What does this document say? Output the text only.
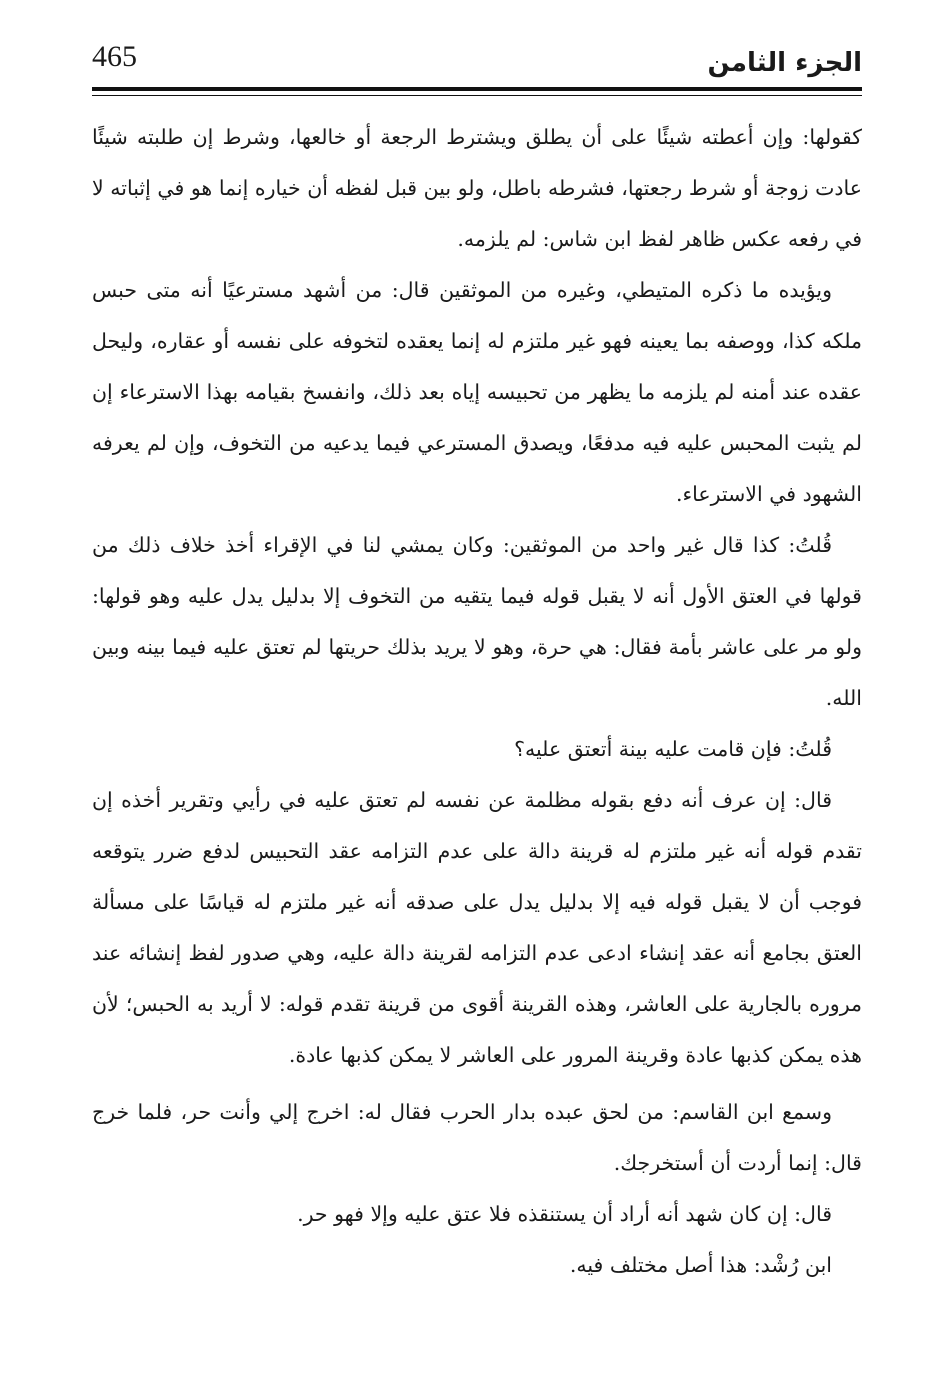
465	الجزء الثامن

كقولها: وإن أعطته شيئًا على أن يطلق ويشترط الرجعة أو خالعها، وشرط إن طلبته شيئًا عادت زوجة أو شرط رجعتها، فشرطه باطل، ولو بين قبل لفظه أن خياره إنما هو في إثباته لا في رفعه عكس ظاهر لفظ ابن شاس: لم يلزمه.

ويؤيده ما ذكره المتيطي، وغيره من الموثقين قال: من أشهد مسترعيًا أنه متى حبس ملكه كذا، ووصفه بما يعينه فهو غير ملتزم له إنما يعقده لتخوفه على نفسه أو عقاره، وليحل عقده عند أمنه لم يلزمه ما يظهر من تحبيسه إياه بعد ذلك، وانفسخ بقيامه بهذا الاسترعاء إن لم يثبت المحبس عليه فيه مدفعًا، ويصدق المسترعي فيما يدعيه من التخوف، وإن لم يعرفه الشهود في الاسترعاء.

قُلتُ: كذا قال غير واحد من الموثقين: وكان يمشي لنا في الإقراء أخذ خلاف ذلك من قولها في العتق الأول أنه لا يقبل قوله فيما يتقيه من التخوف إلا بدليل يدل عليه وهو قولها: ولو مر على عاشر بأمة فقال: هي حرة، وهو لا يريد بذلك حريتها لم تعتق عليه فيما بينه وبين الله.

قُلتُ: فإن قامت عليه بينة أتعتق عليه؟

قال: إن عرف أنه دفع بقوله مظلمة عن نفسه لم تعتق عليه في رأيي وتقرير أخذه إن تقدم قوله أنه غير ملتزم له قرينة دالة على عدم التزامه عقد التحبيس لدفع ضرر يتوقعه فوجب أن لا يقبل قوله فيه إلا بدليل يدل على صدقه أنه غير ملتزم له قياسًا على مسألة العتق بجامع أنه عقد إنشاء ادعى عدم التزامه لقرينة دالة عليه، وهي صدور لفظ إنشائه عند مروره بالجارية على العاشر، وهذه القرينة أقوى من قرينة تقدم قوله: لا أريد به الحبس؛ لأن هذه يمكن كذبها عادة وقرينة المرور على العاشر لا يمكن كذبها عادة.

وسمع ابن القاسم: من لحق عبده بدار الحرب فقال له: اخرج إلي وأنت حر، فلما خرج قال: إنما أردت أن أستخرجك.

قال: إن كان شهد أنه أراد أن يستنقذه فلا عتق عليه وإلا فهو حر.

ابن رُشْد: هذا أصل مختلف فيه.
